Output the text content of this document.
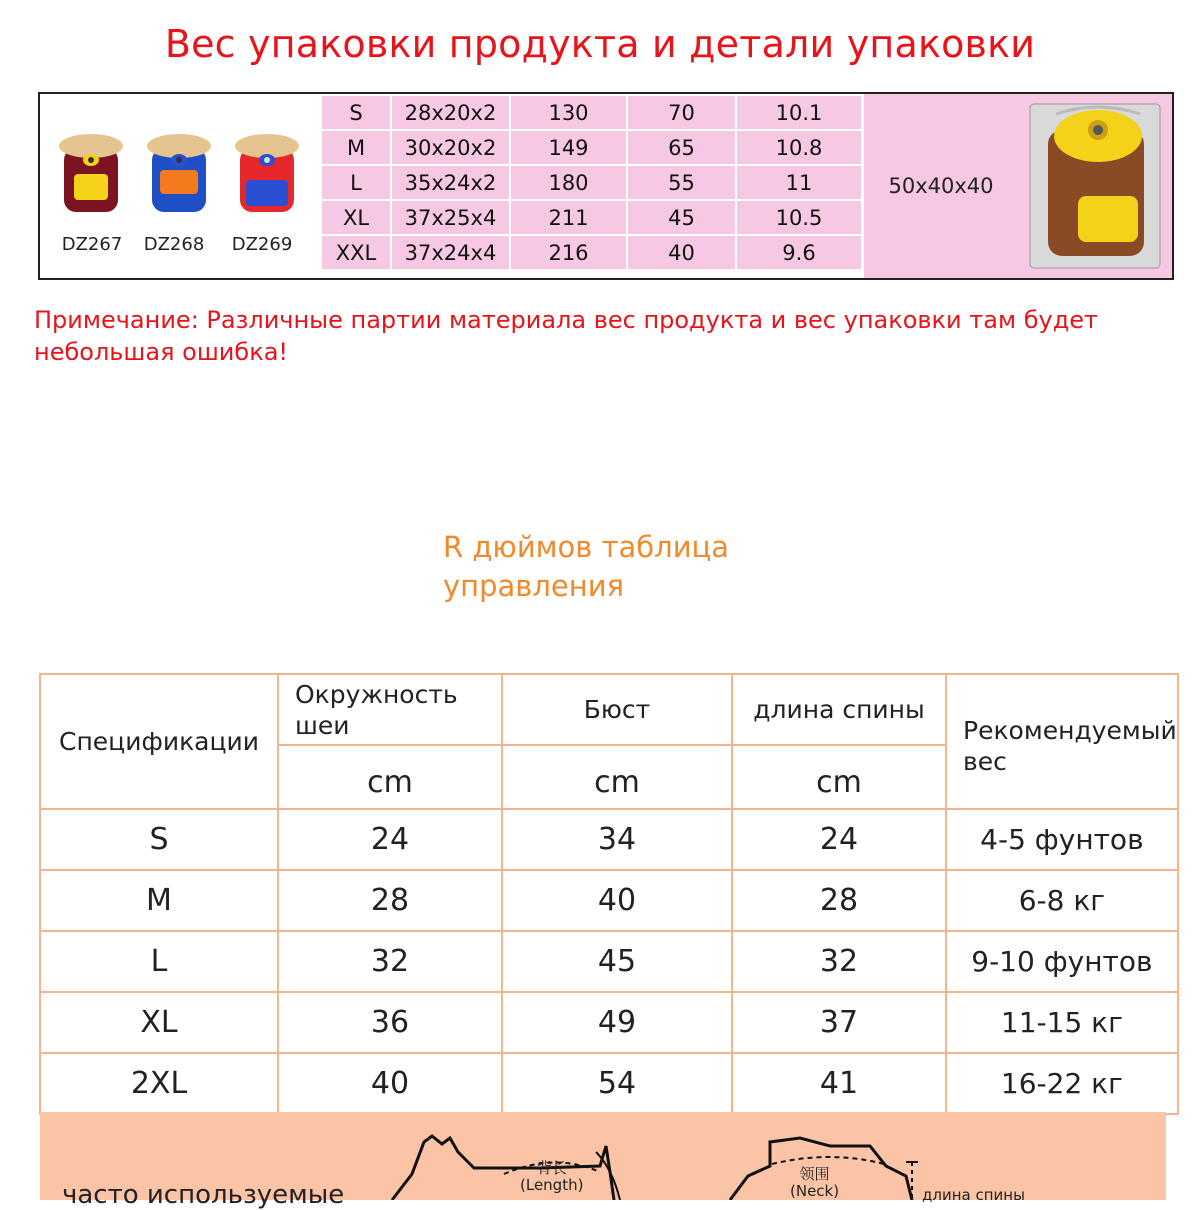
Вес упаковки продукта и детали упаковки
DZ267	DZ268	DZ269
S	28x20x2	130	70	10.1
M	30x20x2	149	65	10.8
L	35x24x2	180	55	11
XL	37x25x4	211	45	10.5
XXL	37x24x4	216	40	9.6
50x40x40
Примечание: Различные партии материала вес продукта и вес упаковки там будет небольшая ошибка!
R дюймов таблица управления
Спецификации	Окружность шеи	Бюст	длина спины	Рекомендуемый вес
	cm	cm	cm	
S	24	34	24	4-5 фунтов
M	28	40	28	6-8 кг
L	32	45	32	9-10 фунтов
XL	36	49	37	11-15 кг
2XL	40	54	41	16-22 кг
часто используемые
背长
(Length)
领围
(Neck)	длина спины
